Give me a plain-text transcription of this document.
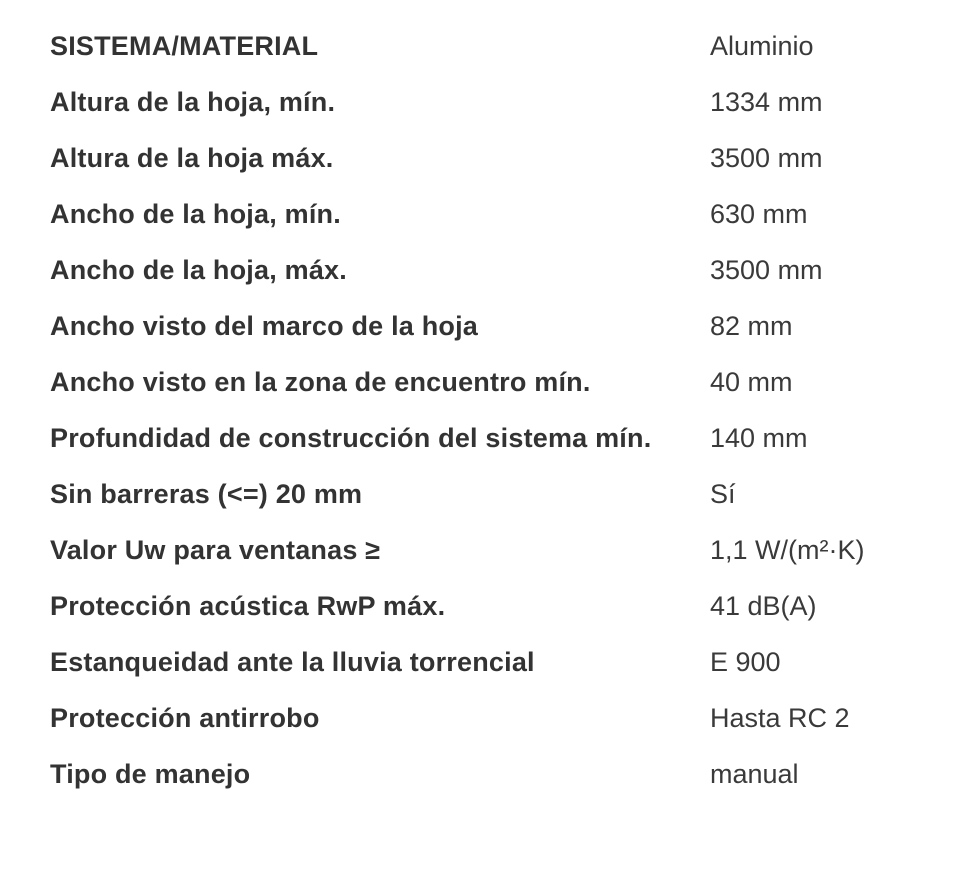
SISTEMA/MATERIAL	Aluminio
Altura de la hoja, mín.	1334 mm
Altura de la hoja máx.	3500 mm
Ancho de la hoja, mín.	630 mm
Ancho de la hoja, máx.	3500 mm
Ancho visto del marco de la hoja	82 mm
Ancho visto en la zona de encuentro mín.	40 mm
Profundidad de construcción del sistema mín.	140 mm
Sin barreras (<=) 20 mm	Sí
Valor Uw para ventanas ≥	1,1 W/(m²·K)
Protección acústica RwP máx.	41 dB(A)
Estanqueidad ante la lluvia torrencial	E 900
Protección antirrobo	Hasta RC 2
Tipo de manejo	manual
